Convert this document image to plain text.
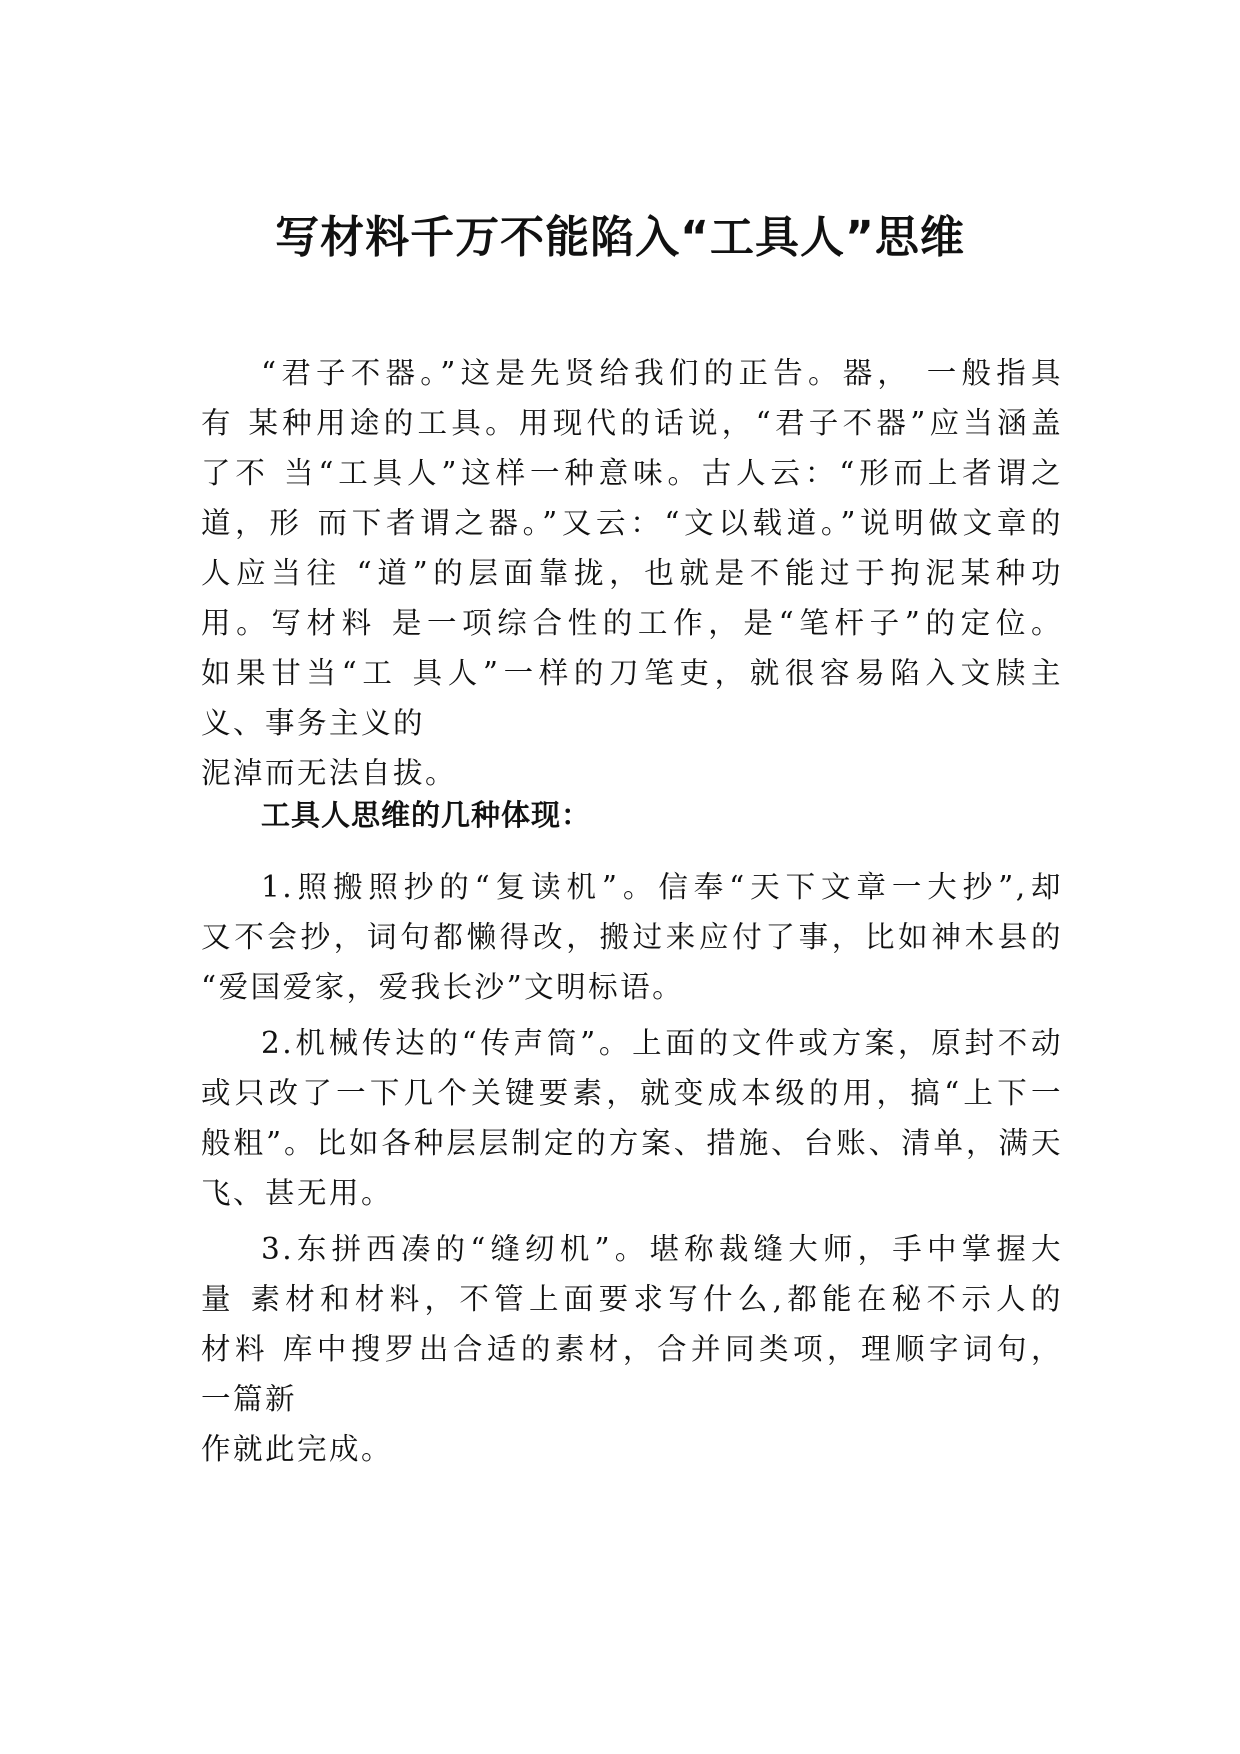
写材料千万不能陷入“工具人”思维
“君子不器。”这是先贤给我们的正告。器， 一般指具
有 某种用途的工具。用现代的话说，“君子不器”应当涵盖
了不 当“工具人”这样一种意味。古人云：“形而上者谓之
道，形 而下者谓之器。”又云：“文以载道。”说明做文章的
人应当往 “道”的层面靠拢，也就是不能过于拘泥某种功
用。写材料 是一项综合性的工作，是“笔杆子”的定位。
如果甘当“工 具人”一样的刀笔吏，就很容易陷入文牍主
义、事务主义的
泥淖而无法自拔。
工具人思维的几种体现：
1.照搬照抄的“复读机”。信奉“天下文章一大抄”,却
又不会抄，词句都懒得改，搬过来应付了事，比如神木县的
“爱国爱家，爱我长沙”文明标语。
2.机械传达的“传声筒”。上面的文件或方案，原封不动
或只改了一下几个关键要素，就变成本级的用，搞“上下一
般粗”。比如各种层层制定的方案、措施、台账、清单，满天
飞、甚无用。
3.东拼西凑的“缝纫机”。堪称裁缝大师，手中掌握大
量 素材和材料，不管上面要求写什么,都能在秘不示人的
材料 库中搜罗出合适的素材，合并同类项，理顺字词句，
一篇新
作就此完成。
